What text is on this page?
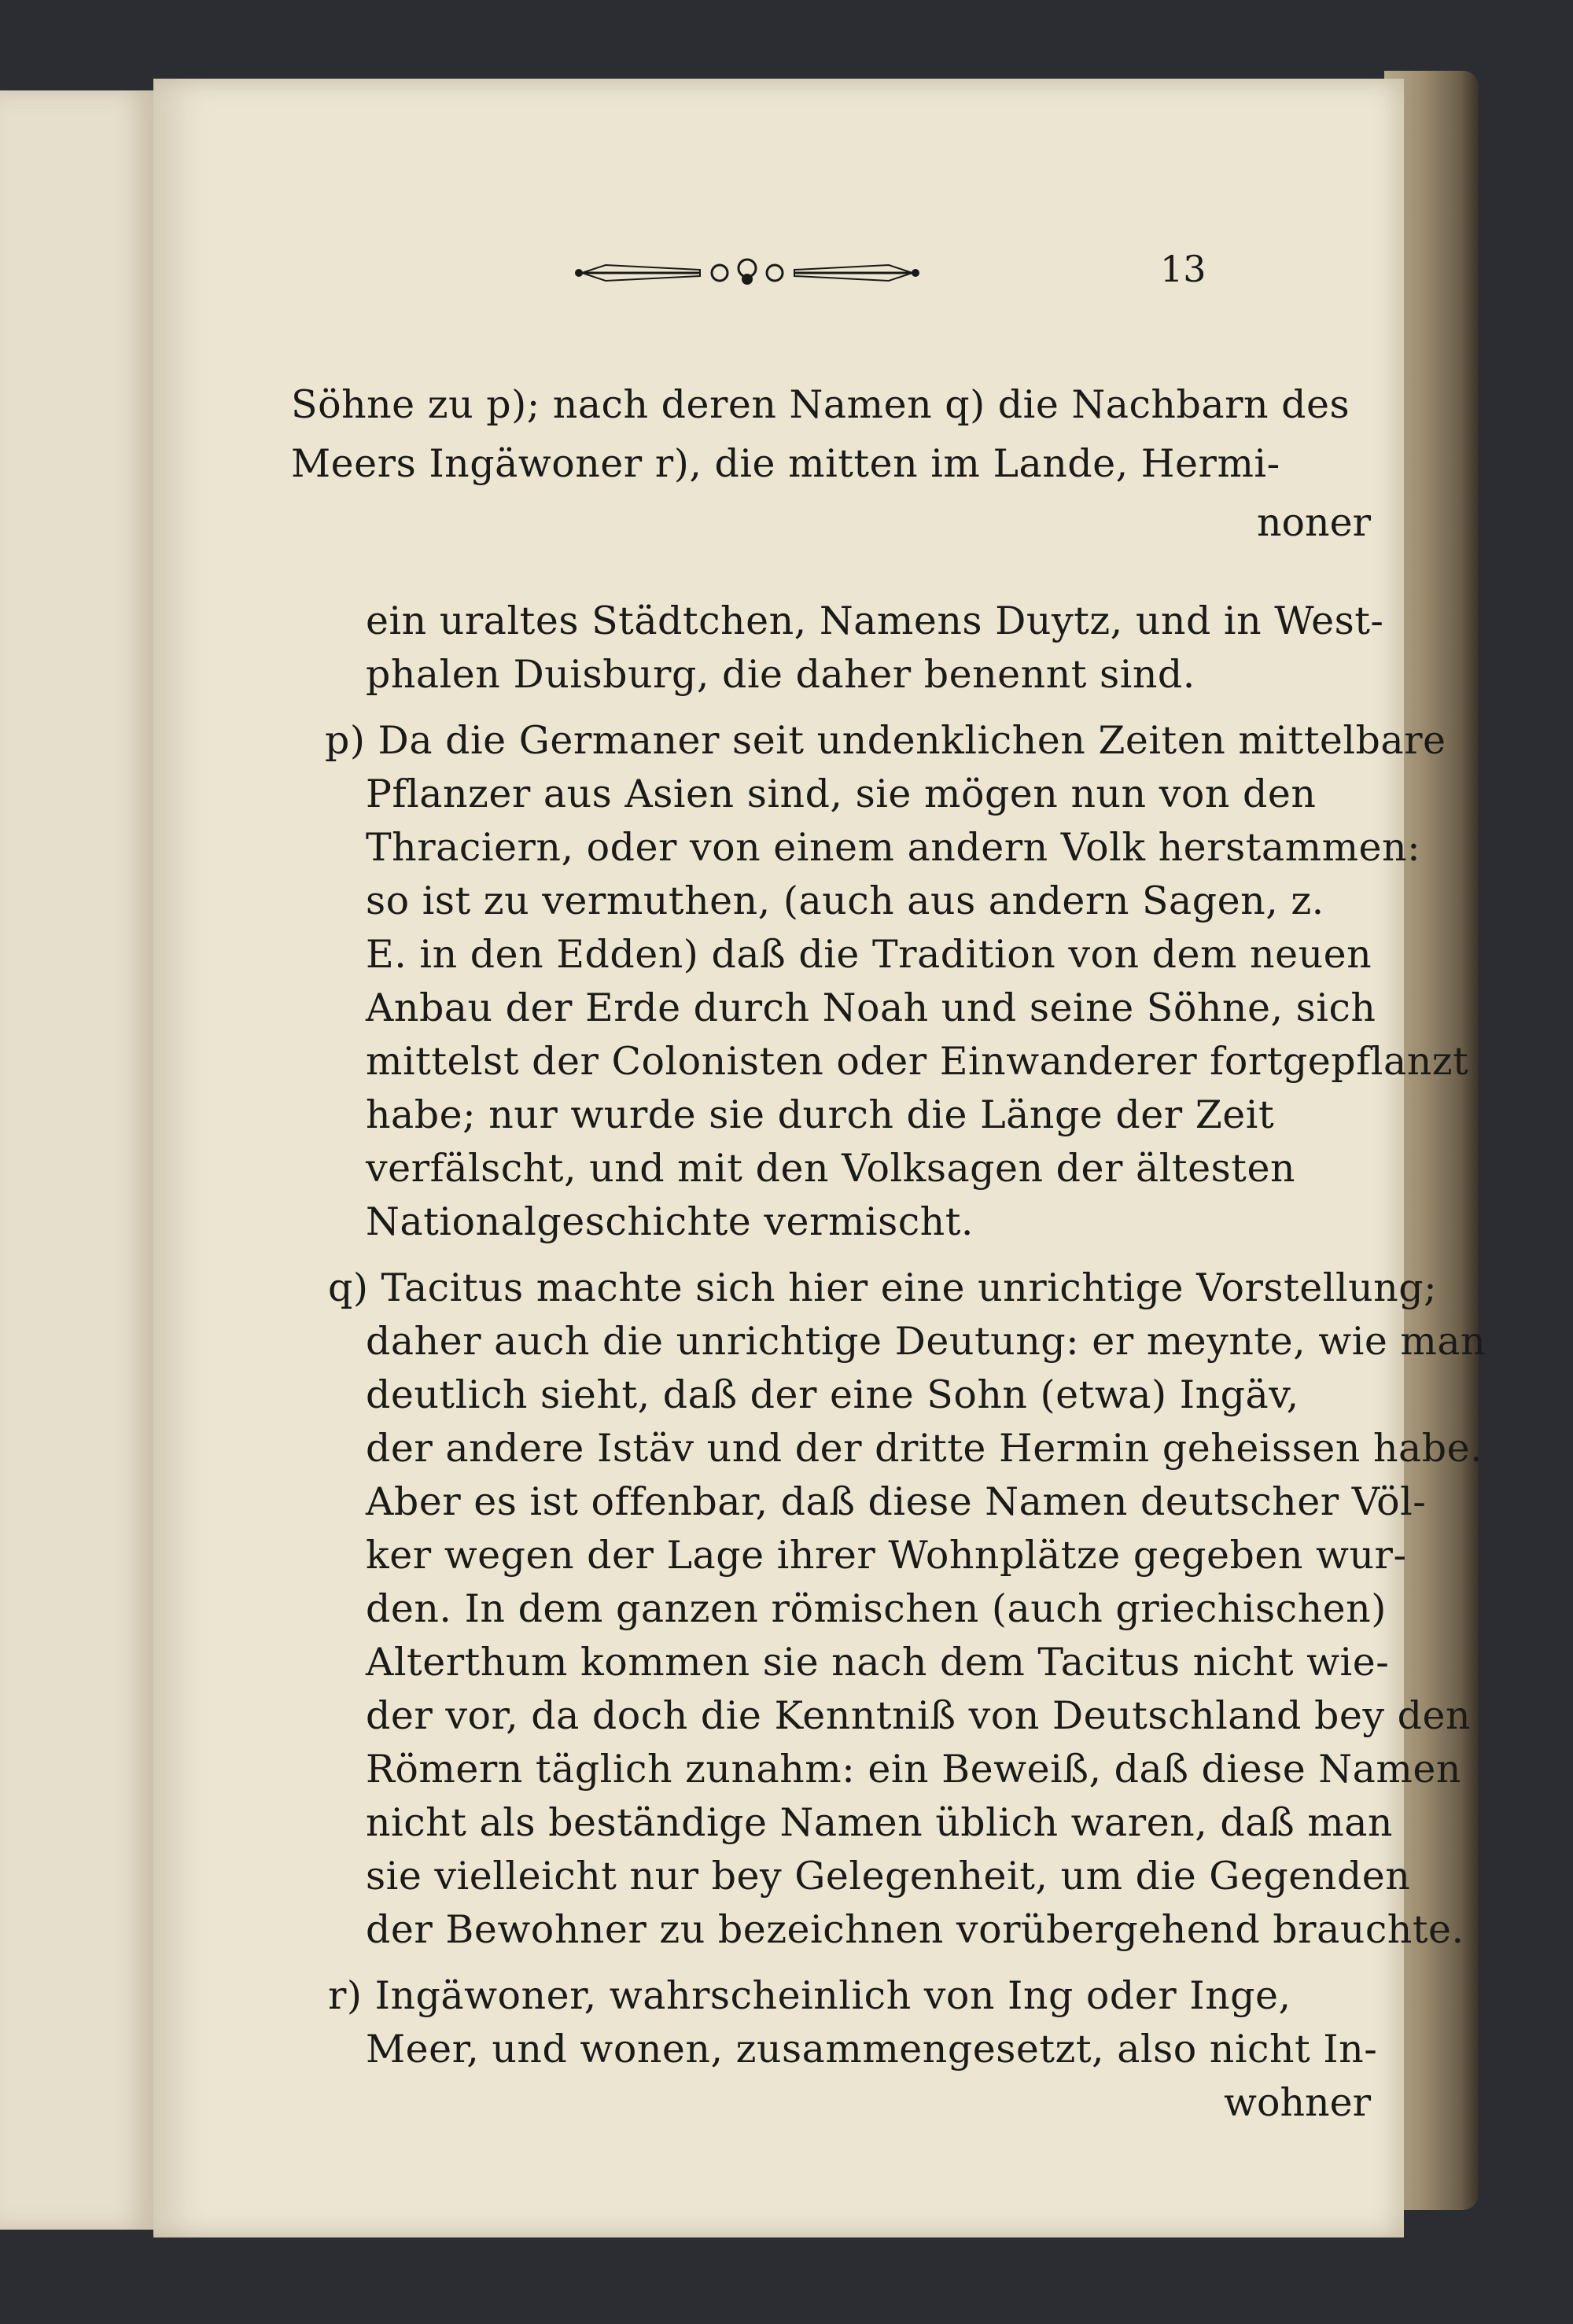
13
Söhne zu p); nach deren Namen q) die Nachbarn des
Meers Ingäwoner r), die mitten im Lande, Hermi-
noner
ein uraltes Städtchen, Namens Duytz, und in West-
phalen Duisburg, die daher benennt sind.
p) Da die Germaner seit undenklichen Zeiten mittelbare
Pflanzer aus Asien sind, sie mögen nun von den
Thraciern, oder von einem andern Volk herstammen:
so ist zu vermuthen, (auch aus andern Sagen, z.
E. in den Edden) daß die Tradition von dem neuen
Anbau der Erde durch Noah und seine Söhne, sich
mittelst der Colonisten oder Einwanderer fortgepflanzt
habe; nur wurde sie durch die Länge der Zeit
verfälscht, und mit den Volksagen der ältesten
Nationalgeschichte vermischt.
q) Tacitus machte sich hier eine unrichtige Vorstellung;
daher auch die unrichtige Deutung: er meynte, wie man
deutlich sieht, daß der eine Sohn (etwa) Ingäv,
der andere Istäv und der dritte Hermin geheissen habe.
Aber es ist offenbar, daß diese Namen deutscher Völ-
ker wegen der Lage ihrer Wohnplätze gegeben wur-
den. In dem ganzen römischen (auch griechischen)
Alterthum kommen sie nach dem Tacitus nicht wie-
der vor, da doch die Kenntniß von Deutschland bey den
Römern täglich zunahm: ein Beweiß, daß diese Namen
nicht als beständige Namen üblich waren, daß man
sie vielleicht nur bey Gelegenheit, um die Gegenden
der Bewohner zu bezeichnen vorübergehend brauchte.
r) Ingäwoner, wahrscheinlich von Ing oder Inge,
Meer, und wonen, zusammengesetzt, also nicht In-
wohner
